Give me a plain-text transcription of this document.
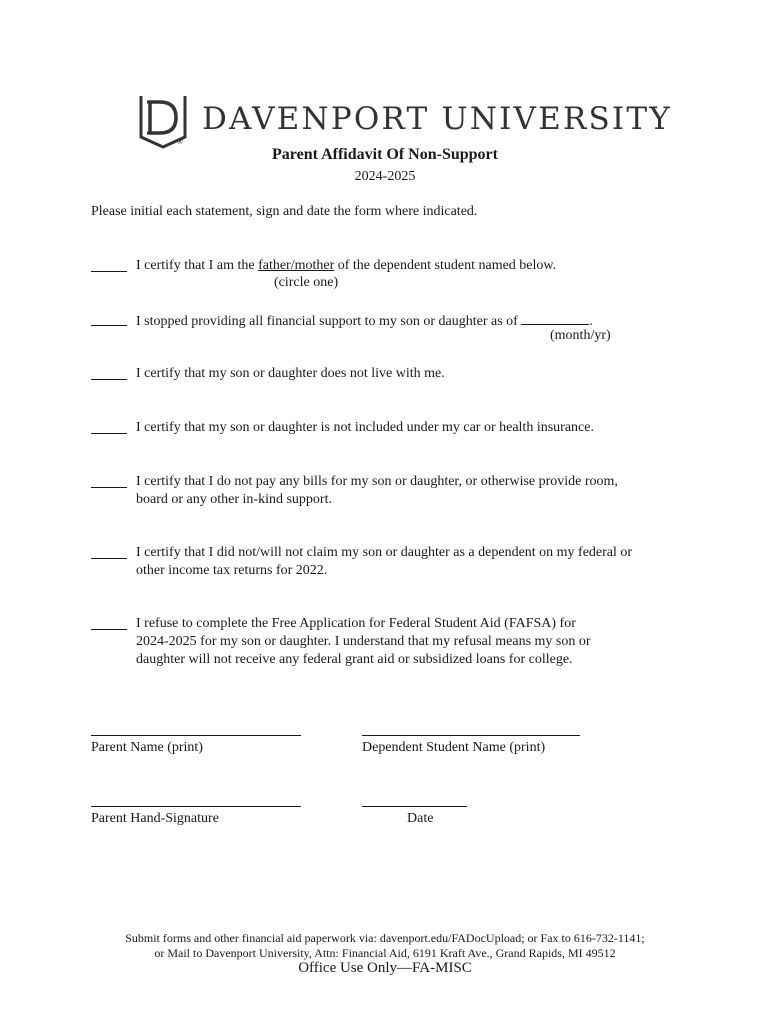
®
DAVENPORT UNIVERSITY
Parent Affidavit Of Non-Support
2024-2025
Please initial each statement, sign and date the form where indicated.
I certify that I am the father/mother of the dependent student named below.
(circle one)
I stopped providing all financial support to my son or daughter as of	.
(month/yr)
I certify that my son or daughter does not live with me.
I certify that my son or daughter is not included under my car or health insurance.
I certify that I do not pay any bills for my son or daughter, or otherwise provide room,
board or any other in-kind support.
I certify that I did not/will not claim my son or daughter as a dependent on my federal or
other income tax returns for 2022.
I refuse to complete the Free Application for Federal Student Aid (FAFSA) for
2024-2025 for my son or daughter. I understand that my refusal means my son or
daughter will not receive any federal grant aid or subsidized loans for college.
Parent Name (print)	Dependent Student Name (print)
Parent Hand-Signature	Date
Submit forms and other financial aid paperwork via: davenport.edu/FADocUpload; or Fax to 616-732-1141;
or Mail to Davenport University, Attn: Financial Aid, 6191 Kraft Ave., Grand Rapids, MI 49512
Office Use Only—FA-MISC
